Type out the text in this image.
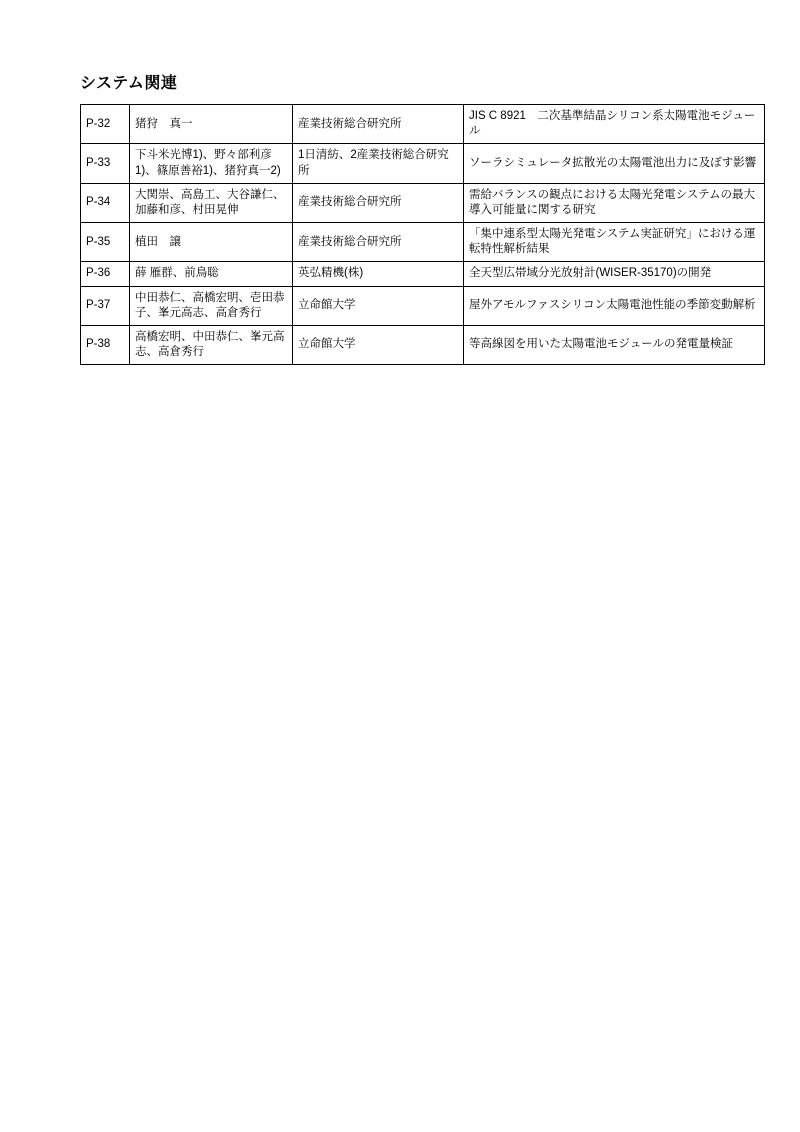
システム関連
P-32	猪狩　真一	産業技術総合研究所	JIS C 8921　二次基準結晶シリコン系太陽電池モジュール
P-33	下斗米光博1)、野々部利彦1)、篠原善裕1)、猪狩真一2)	1日清紡、2産業技術総合研究所	ソーラシミュレータ拡散光の太陽電池出力に及ぼす影響
P-34	大関崇、高島工、大谷謙仁、加藤和彦、村田晃伸	産業技術総合研究所	需給バランスの観点における太陽光発電システムの最大導入可能量に関する研究
P-35	植田　譲	産業技術総合研究所	「集中連系型太陽光発電システム実証研究」における運転特性解析結果
P-36	薛 雁群、前鳥聡	英弘精機(株)	全天型広帯域分光放射計(WISER-35170)の開発
P-37	中田恭仁、高橋宏明、壱田恭子、峯元高志、高倉秀行	立命館大学	屋外アモルファスシリコン太陽電池性能の季節変動解析
P-38	高橋宏明、中田恭仁、峯元高志、高倉秀行	立命館大学	等高線図を用いた太陽電池モジュールの発電量検証
